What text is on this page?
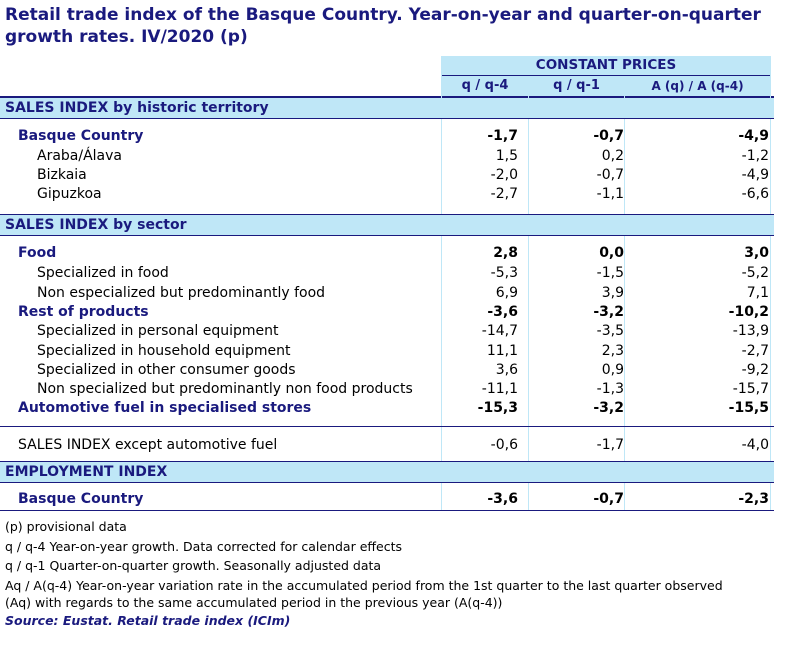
Retail trade index of the Basque Country. Year-on-year and quarter-on-quarter growth rates. IV/2020 (p)
CONSTANT PRICES
q / q-4	q / q-1	A (q) / A (q-4)
SALES INDEX by historic territory
Basque Country	-1,7	-0,7	-4,9
Araba/Álava	1,5	0,2	-1,2
Bizkaia	-2,0	-0,7	-4,9
Gipuzkoa	-2,7	-1,1	-6,6
SALES INDEX by sector
Food	2,8	0,0	3,0
Specialized in food	-5,3	-1,5	-5,2
Non especialized but predominantly food	6,9	3,9	7,1
Rest of products	-3,6	-3,2	-10,2
Specialized in personal equipment	-14,7	-3,5	-13,9
Specialized in household equipment	11,1	2,3	-2,7
Specialized in other consumer goods	3,6	0,9	-9,2
Non specialized but predominantly non food products	-11,1	-1,3	-15,7
Automotive fuel in specialised stores	-15,3	-3,2	-15,5
SALES INDEX except automotive fuel	-0,6	-1,7	-4,0
EMPLOYMENT INDEX
Basque Country	-3,6	-0,7	-2,3
(p) provisional data
q / q-4 Year-on-year growth. Data corrected for calendar effects
q / q-1 Quarter-on-quarter growth. Seasonally adjusted data
Aq / A(q-4) Year-on-year variation rate in the accumulated period from the 1st quarter to the last quarter observed
(Aq) with regards to the same accumulated period in the previous year (A(q-4))
Source: Eustat. Retail trade index (ICIm)
